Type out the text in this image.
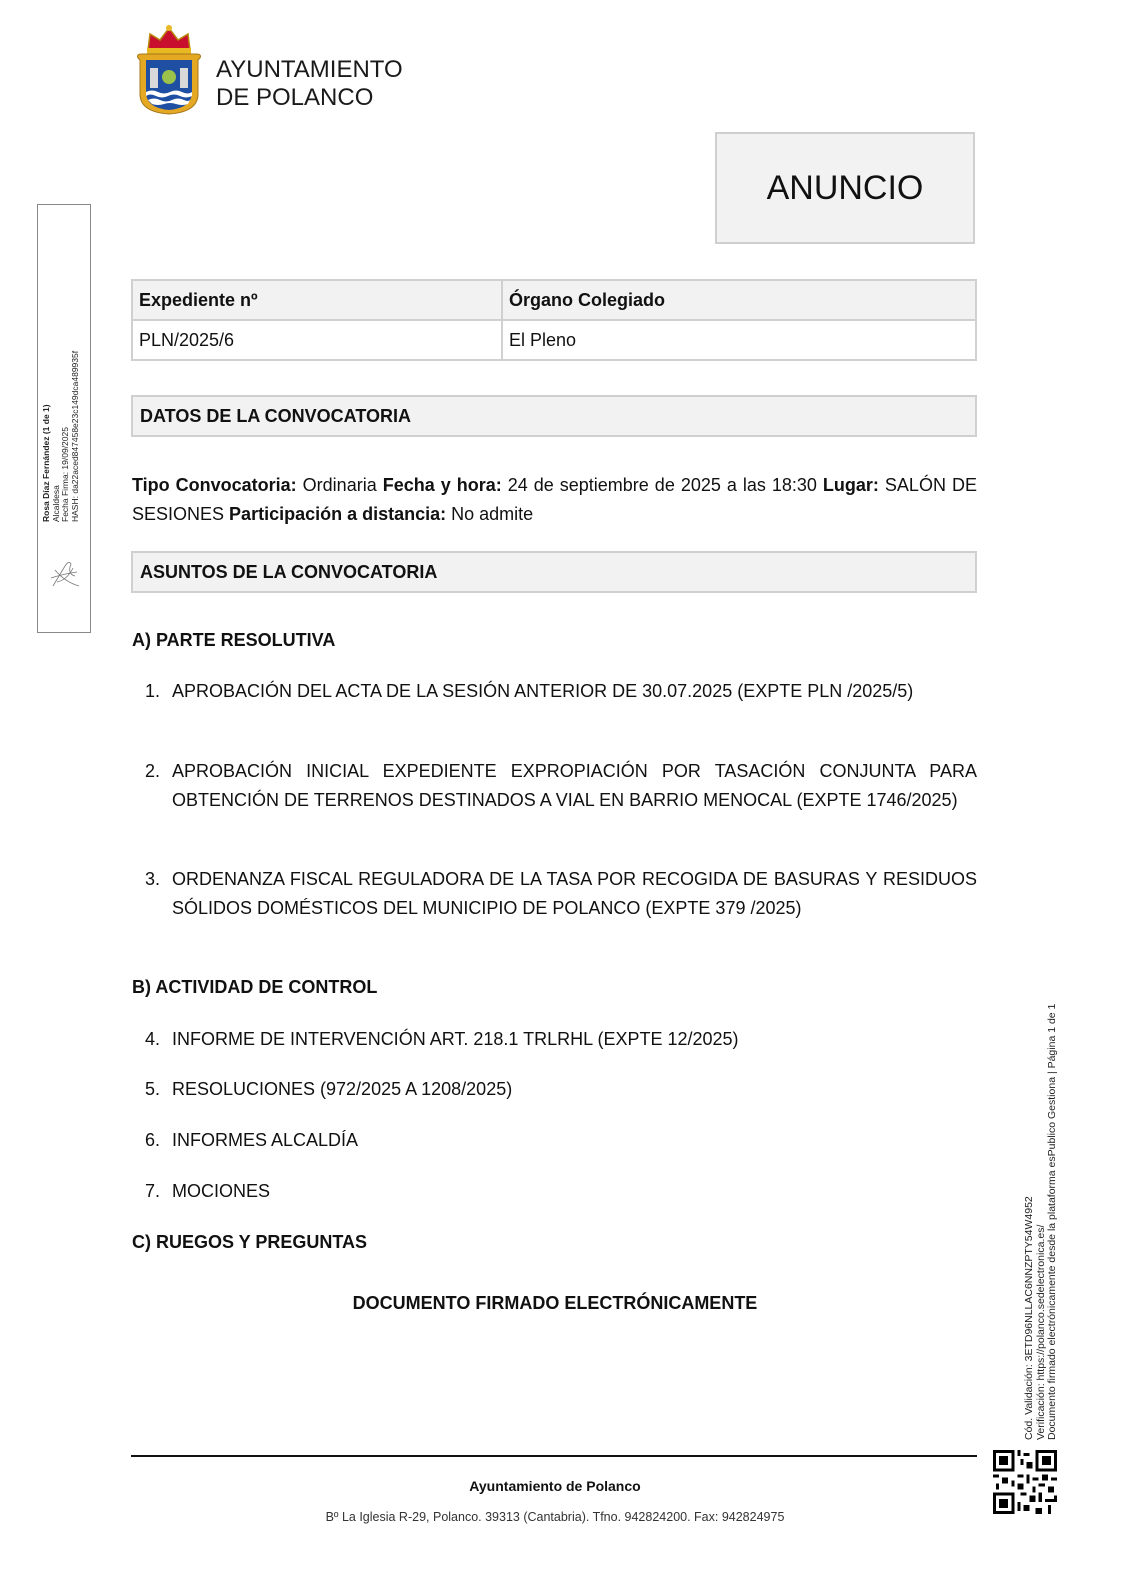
AYUNTAMIENTO
DE POLANCO
ANUNCIO
Rosa Díaz Fernández (1 de 1) Alcaldesa Fecha Firma: 19/09/2025 HASH: da22aced847458e23c149dca489935f
Expediente nº	Órgano Colegiado
PLN/2025/6	El Pleno
DATOS DE LA CONVOCATORIA
Tipo Convocatoria: Ordinaria Fecha y hora: 24 de septiembre de 2025 a las 18:30 Lugar: SALÓN DE SESIONES Participación a distancia: No admite
ASUNTOS DE LA CONVOCATORIA
A) PARTE RESOLUTIVA
1. APROBACIÓN DEL ACTA DE LA SESIÓN ANTERIOR DE 30.07.2025 (EXPTE PLN /2025/5)
2. APROBACIÓN INICIAL EXPEDIENTE EXPROPIACIÓN POR TASACIÓN CONJUNTA PARA OBTENCIÓN DE TERRENOS DESTINADOS A VIAL EN BARRIO MENOCAL (EXPTE 1746/2025)
3. ORDENANZA FISCAL REGULADORA DE LA TASA POR RECOGIDA DE BASURAS Y RESIDUOS SÓLIDOS DOMÉSTICOS DEL MUNICIPIO DE POLANCO (EXPTE 379 /2025)
B) ACTIVIDAD DE CONTROL
4. INFORME DE INTERVENCIÓN ART. 218.1 TRLRHL (EXPTE 12/2025)
5. RESOLUCIONES (972/2025 A 1208/2025)
6. INFORMES ALCALDÍA
7. MOCIONES
C) RUEGOS Y PREGUNTAS
DOCUMENTO FIRMADO ELECTRÓNICAMENTE	Cód. Validación: 3ETD96NLLAC6NNZPTY54W4952 Verificación: https://polanco.sedelectronica.es/ Documento firmado electrónicamente desde la plataforma esPublico Gestiona | Página 1 de 1
Ayuntamiento de Polanco
Bº La Iglesia R-29, Polanco. 39313 (Cantabria). Tfno. 942824200. Fax: 942824975
